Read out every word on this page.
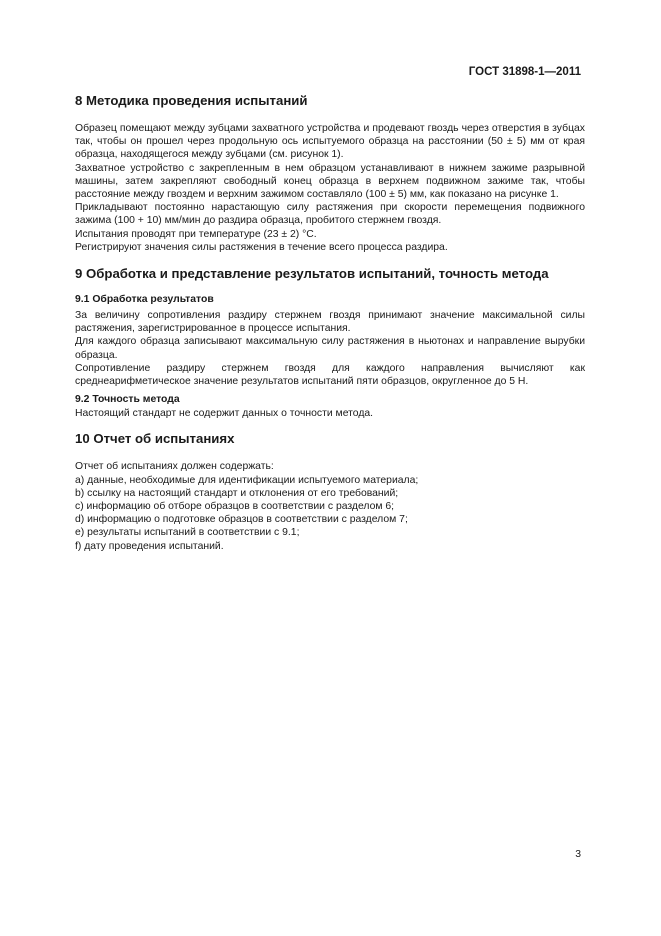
ГОСТ 31898-1—2011
8 Методика проведения испытаний

Образец помещают между зубцами захватного устройства и продевают гвоздь через отверстия в зубцах так, чтобы он прошел через продольную ось испытуемого образца на расстоянии (50 ± 5) мм от края образца, находящегося между зубцами (см. рисунок 1).

Захватное устройство с закрепленным в нем образцом устанавливают в нижнем зажиме разрывной машины, затем закрепляют свободный конец образца в верхнем подвижном зажиме так, чтобы расстояние между гвоздем и верхним зажимом составляло (100 ± 5) мм, как показано на рисунке 1.

Прикладывают постоянно нарастающую силу растяжения при скорости перемещения подвижного зажима (100 + 10) мм/мин до раздира образца, пробитого стержнем гвоздя.

Испытания проводят при температуре (23 ± 2) °С.

Регистрируют значения силы растяжения в течение всего процесса раздира.

9 Обработка и представление результатов испытаний, точность метода
9.1 Обработка результатов

За величину сопротивления раздиру стержнем гвоздя принимают значение максимальной силы растяжения, зарегистрированное в процессе испытания.

Для каждого образца записывают максимальную силу растяжения в ньютонах и направление вырубки образца.

Сопротивление раздиру стержнем гвоздя для каждого направления вычисляют как среднеарифметическое значение результатов испытаний пяти образцов, округленное до 5 Н.

9.2 Точность метода

Настоящий стандарт не содержит данных о точности метода.

10 Отчет об испытаниях

Отчет об испытаниях должен содержать:

a) данные, необходимые для идентификации испытуемого материала;
b) ссылку на настоящий стандарт и отклонения от его требований;
c) информацию об отборе образцов в соответствии с разделом 6;
d) информацию о подготовке образцов в соответствии с разделом 7;
e) результаты испытаний в соответствии с 9.1;
f) дату проведения испытаний.
3
